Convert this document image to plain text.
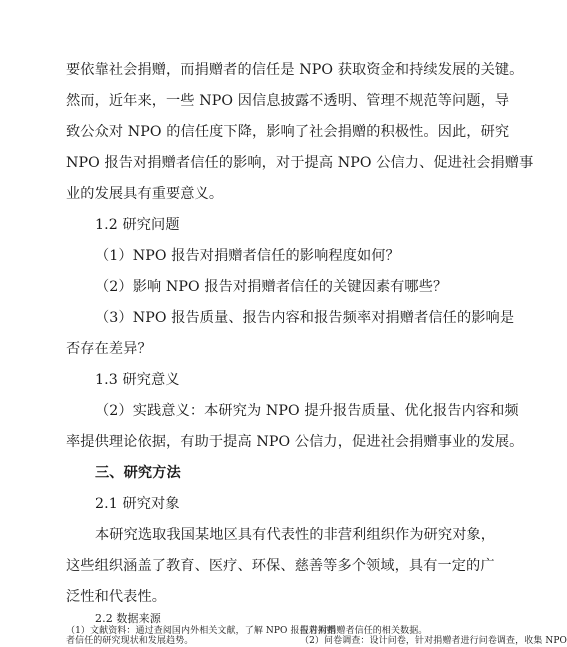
要依靠社会捐赠，而捐赠者的信任是 NPO 获取资金和持续发展的关键。
然而，近年来，一些 NPO 因信息披露不透明、管理不规范等问题，导
致公众对 NPO 的信任度下降，影响了社会捐赠的积极性。因此，研究
NPO 报告对捐赠者信任的影响，对于提高 NPO 公信力、促进社会捐赠事
业的发展具有重要意义。
1.2 研究问题
（1）NPO 报告对捐赠者信任的影响程度如何？
（2）影响 NPO 报告对捐赠者信任的关键因素有哪些？
（3）NPO 报告质量、报告内容和报告频率对捐赠者信任的影响是
否存在差异？
1.3 研究意义
（2）实践意义：本研究为 NPO 提升报告质量、优化报告内容和频
率提供理论依据，有助于提高 NPO 公信力，促进社会捐赠事业的发展。
三、研究方法
2.1 研究对象
本研究选取我国某地区具有代表性的非营利组织作为研究对象，
这些组织涵盖了教育、医疗、环保、慈善等多个领域，具有一定的广
泛性和代表性。
2.2 数据来源
（1）文献资料：通过查阅国内外相关文献，了解 NPO 报告对捐赠
者信任的研究现状和发展趋势。	（2）问卷调查：设计问卷，针对捐赠者进行问卷调查，收集 NPO
报告对捐赠者信任的相关数据。
